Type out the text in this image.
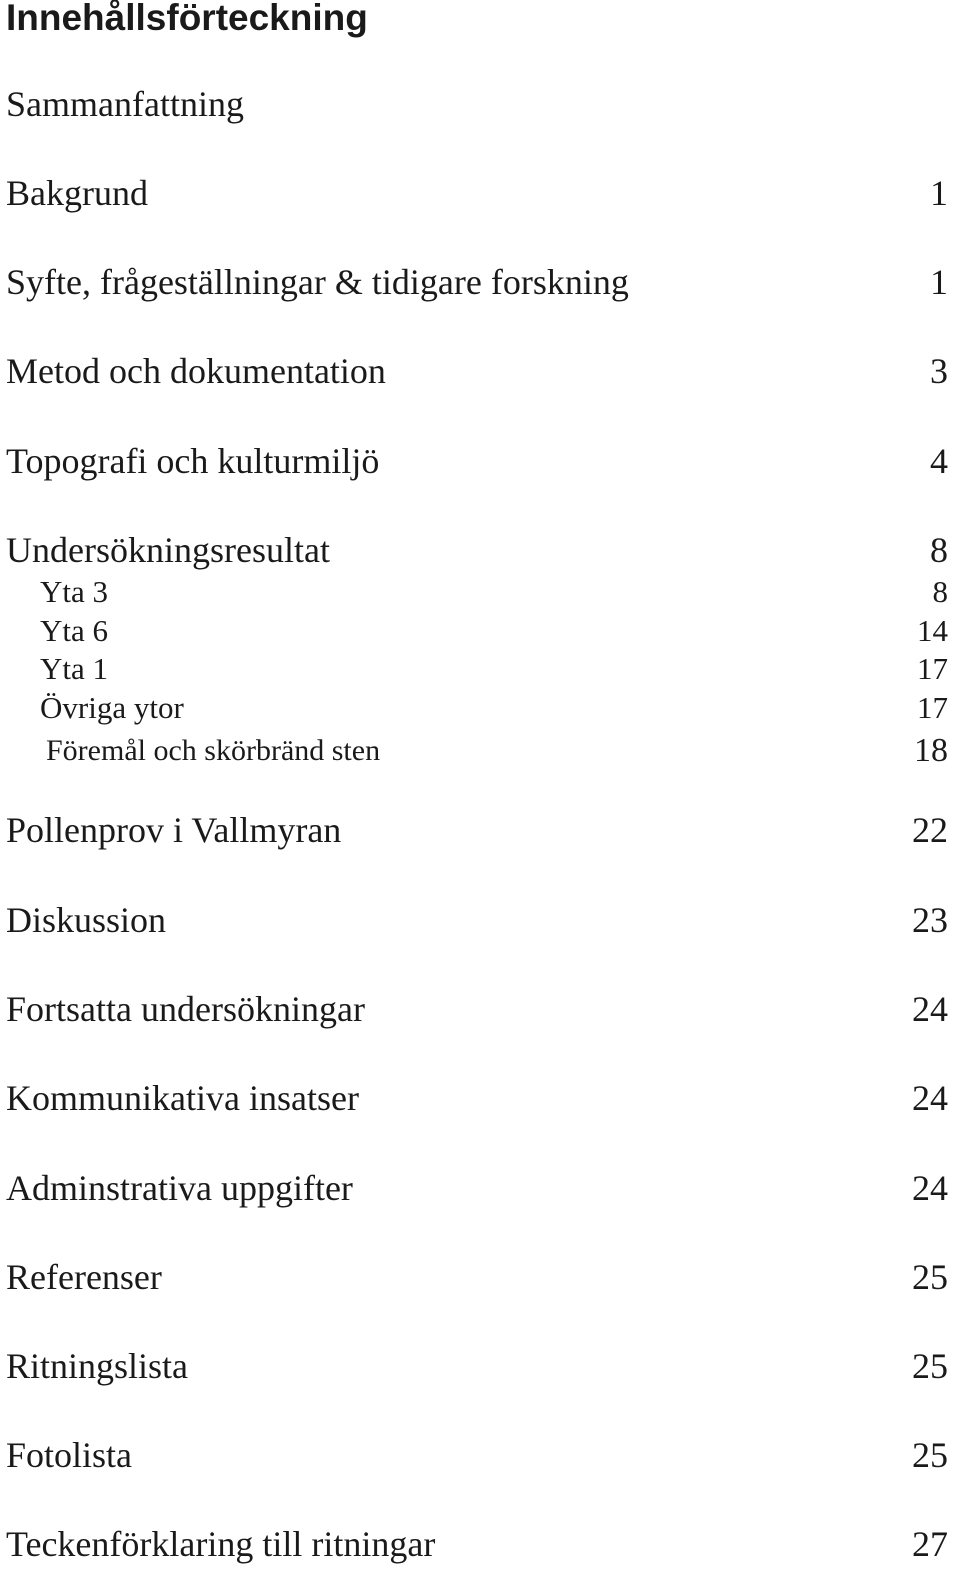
Innehållsförteckning
Sammanfattning
Bakgrund	1
Syfte, frågeställningar & tidigare forskning	1
Metod och dokumentation	3
Topografi och kulturmiljö	4
Undersökningsresultat	8
Yta 3	8
Yta 6	14
Yta 1	17
Övriga ytor	17
Föremål och skörbränd sten	18
Pollenprov i Vallmyran	22
Diskussion	23
Fortsatta undersökningar	24
Kommunikativa insatser	24
Adminstrativa uppgifter	24
Referenser	25
Ritningslista	25
Fotolista	25
Teckenförklaring till ritningar	27
